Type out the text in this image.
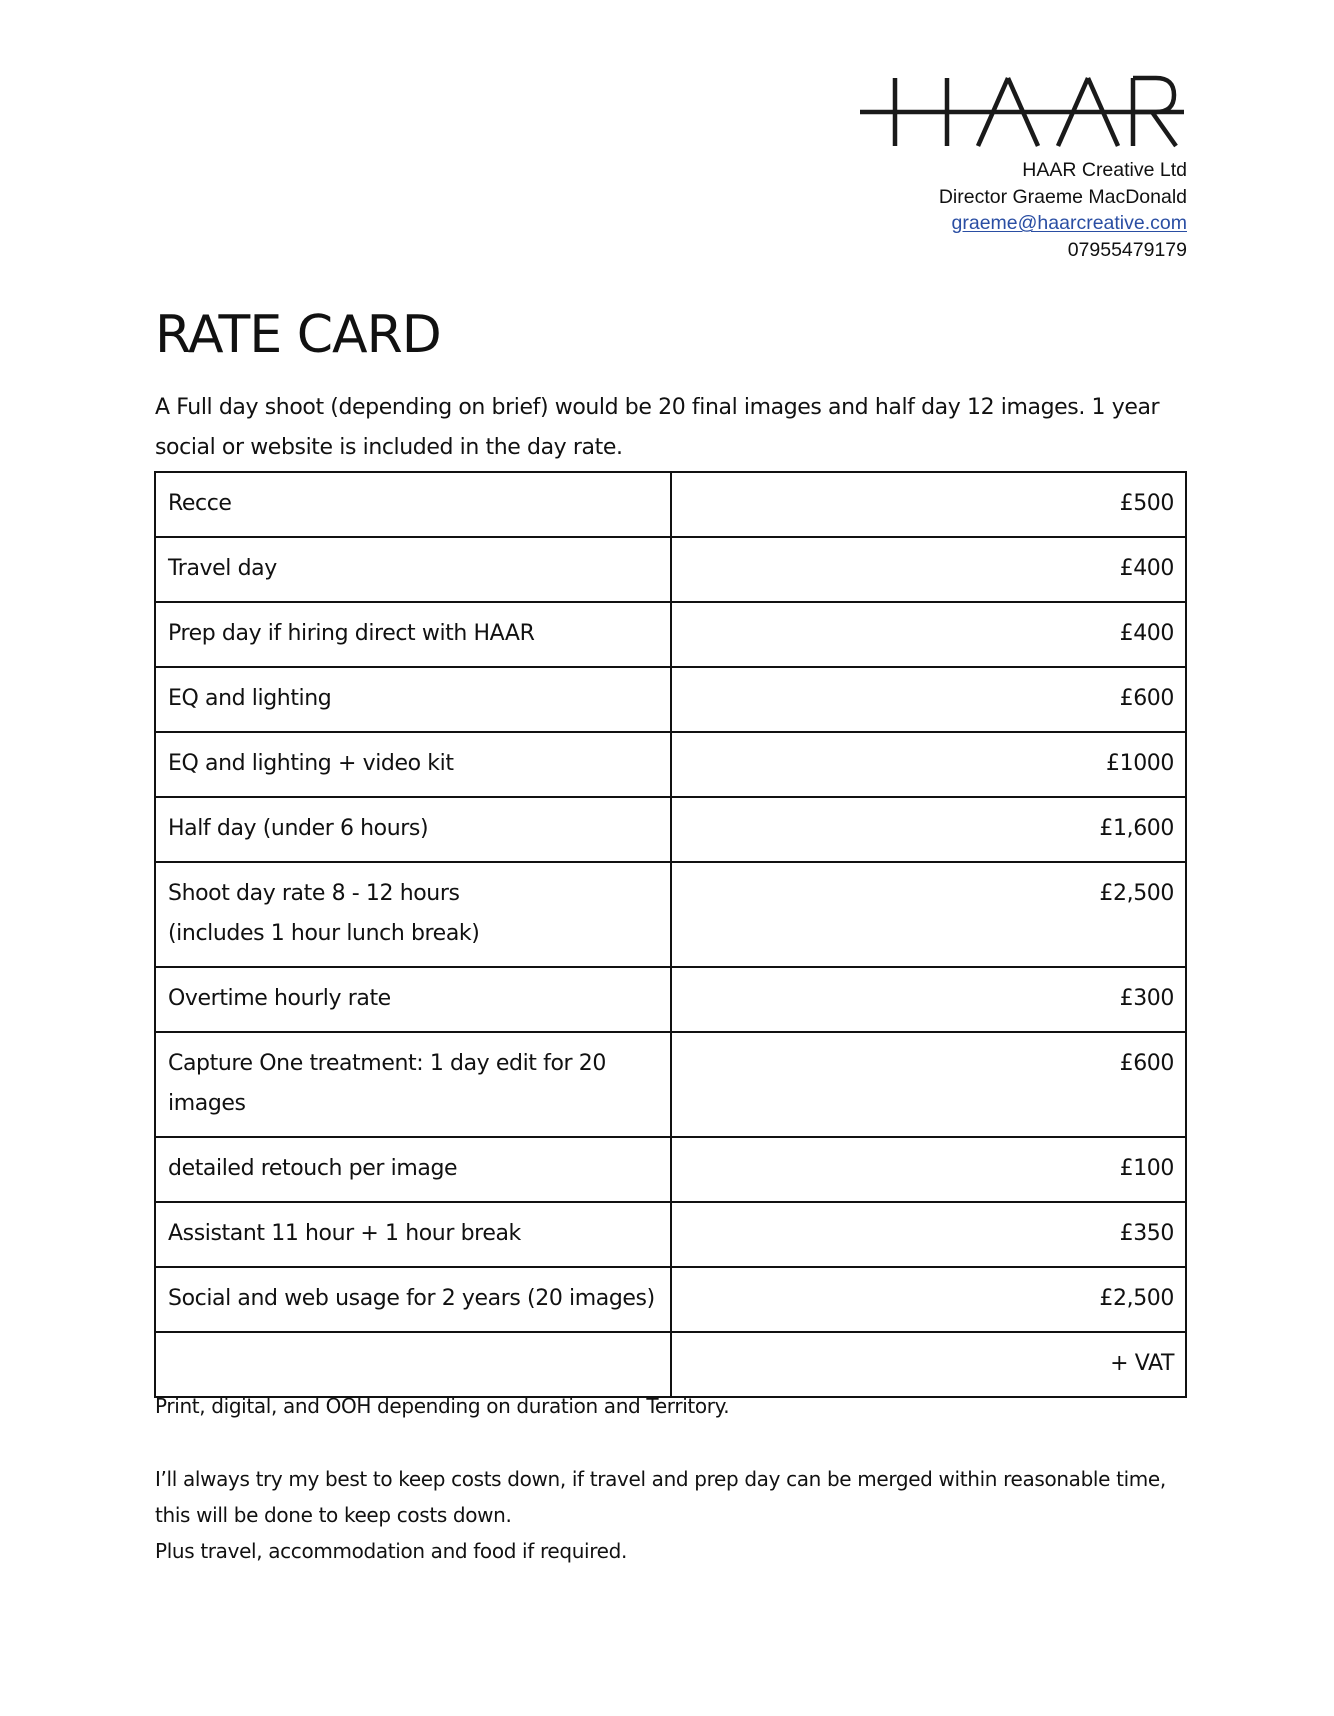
HAAR Creative Ltd
Director Graeme MacDonald
graeme@haarcreative.com
07955479179
RATE CARD

A Full day shoot (depending on brief) would be 20 final images and half day 12 images. 1 year social or website is included in the day rate.

Recce	£500
Travel day	£400
Prep day if hiring direct with HAAR	£400
EQ and lighting	£600
EQ and lighting + video kit	£1000
Half day (under 6 hours)	£1,600

Shoot day rate 8 - 12 hours
(includes 1 hour lunch break)	£2,500
Overtime hourly rate	£300
Capture One treatment: 1 day edit for 20 images	£600
detailed retouch per image	£100
Assistant 11 hour + 1 hour break	£350
Social and web usage for 2 years (20 images)	£2,500
	+ VAT

Print, digital, and OOH depending on duration and Territory.

I’ll always try my best to keep costs down, if travel and prep day can be merged within reasonable time, this will be done to keep costs down.

Plus travel, accommodation and food if required.
